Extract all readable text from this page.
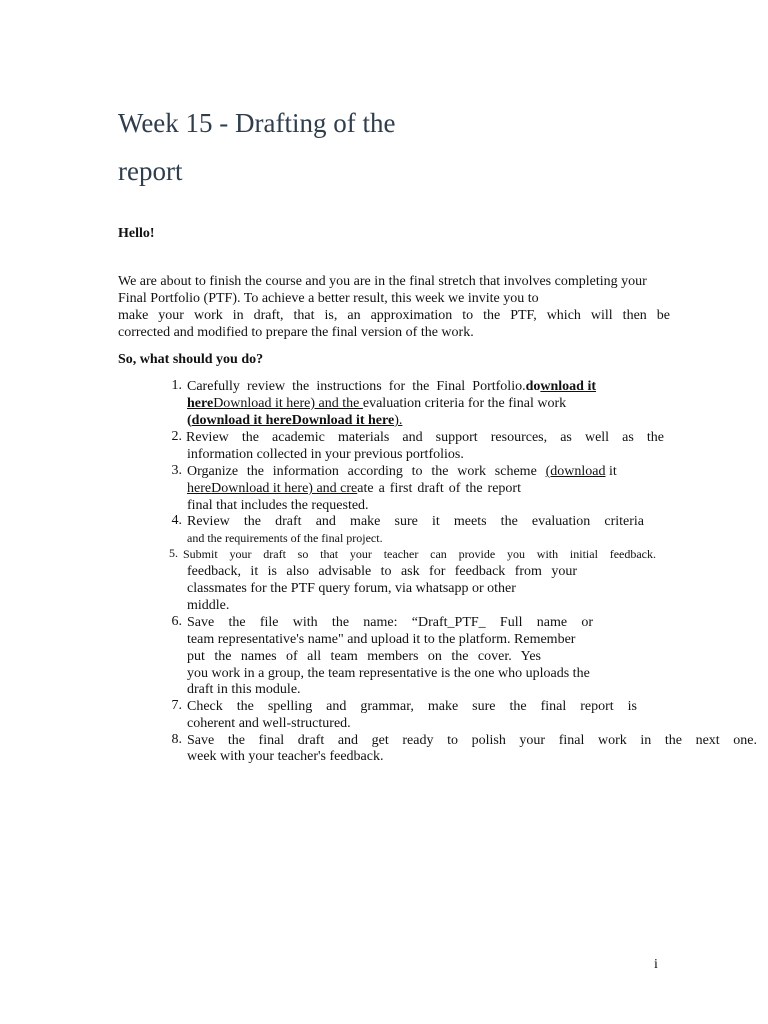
Week 15 - Drafting of the
report
Hello!
We are about to finish the course and you are in the final stretch that involves completing your
Final Portfolio (PTF). To achieve a better result, this week we invite you to
make your work in draft, that is, an approximation to the PTF, which will then be
corrected and modified to prepare the final version of the work.
So, what should you do?
1. Carefully review the instructions for the Final Portfolio.download it
hereDownload it here) and the evaluation criteria for the final work
(download it hereDownload it here).
2. Review the academic materials and support resources, as well as the
information collected in your previous portfolios.
3. Organize the information according to the work scheme (download it
hereDownload it here) and create a first draft of the report
final that includes the requested.
4. Review the draft and make sure it meets the evaluation criteria
and the requirements of the final project.
5. Submit your draft so that your teacher can provide you with initial feedback.
feedback, it is also advisable to ask for feedback from your
classmates for the PTF query forum, via whatsapp or other
middle.
6. Save the file with the name: “Draft_PTF_ Full name or
team representative's name" and upload it to the platform. Remember
put the names of all team members on the cover. Yes
you work in a group, the team representative is the one who uploads the
draft in this module.
7. Check the spelling and grammar, make sure the final report is
coherent and well-structured.
8. Save the final draft and get ready to polish your final work in the next one.
week with your teacher's feedback.
i
